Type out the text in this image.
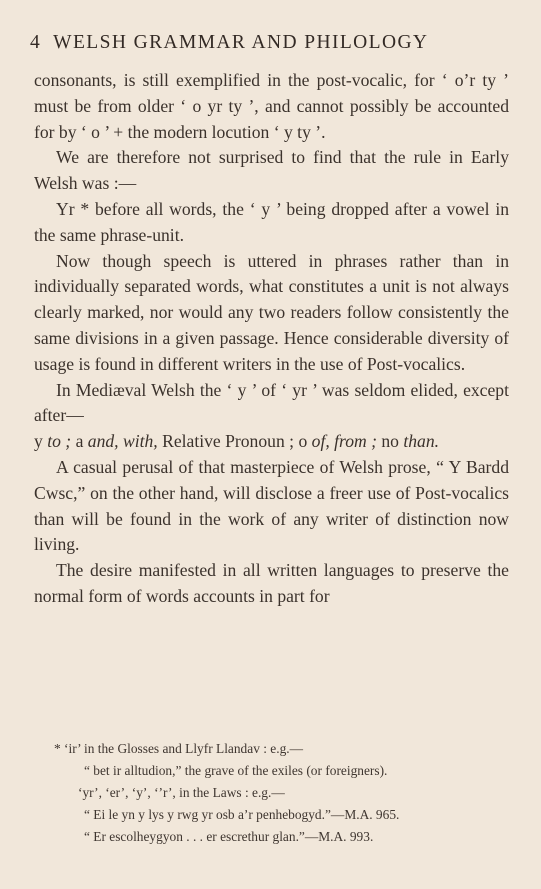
4 WELSH GRAMMAR AND PHILOLOGY

consonants, is still exemplified in the post-vocalic, for ‘ o’r ty ’ must be from older ‘ o yr ty ’, and cannot possibly be accounted for by ‘ o ’ + the modern locution ‘ y ty ’.

We are therefore not surprised to find that the rule in Early Welsh was :—

Yr * before all words, the ‘ y ’ being dropped after a vowel in the same phrase-unit.

Now though speech is uttered in phrases rather than in individually separated words, what constitutes a unit is not always clearly marked, nor would any two readers follow consistently the same divisions in a given passage. Hence considerable diversity of usage is found in different writers in the use of Post-vocalics.

In Mediæval Welsh the ‘ y ’ of ‘ yr ’ was seldom elided, except after—

y to ; a and, with, Relative Pronoun ; o of, from ; no than.

A casual perusal of that masterpiece of Welsh prose, “ Y Bardd Cwsc,” on the other hand, will disclose a freer use of Post-vocalics than will be found in the work of any writer of distinction now living.

The desire manifested in all written languages to preserve the normal form of words accounts in part for

* ‘ir’ in the Glosses and Llyfr Llandav : e.g.—
“ bet ir alltudion,” the grave of the exiles (or foreigners).
‘yr’, ‘er’, ‘y’, ‘’r’, in the Laws : e.g.—
“ Ei le yn y lys y rwg yr osb a’r penhebogyd.”—M.A. 965.
“ Er escolheygyon . . . er escrethur glan.”—M.A. 993.
